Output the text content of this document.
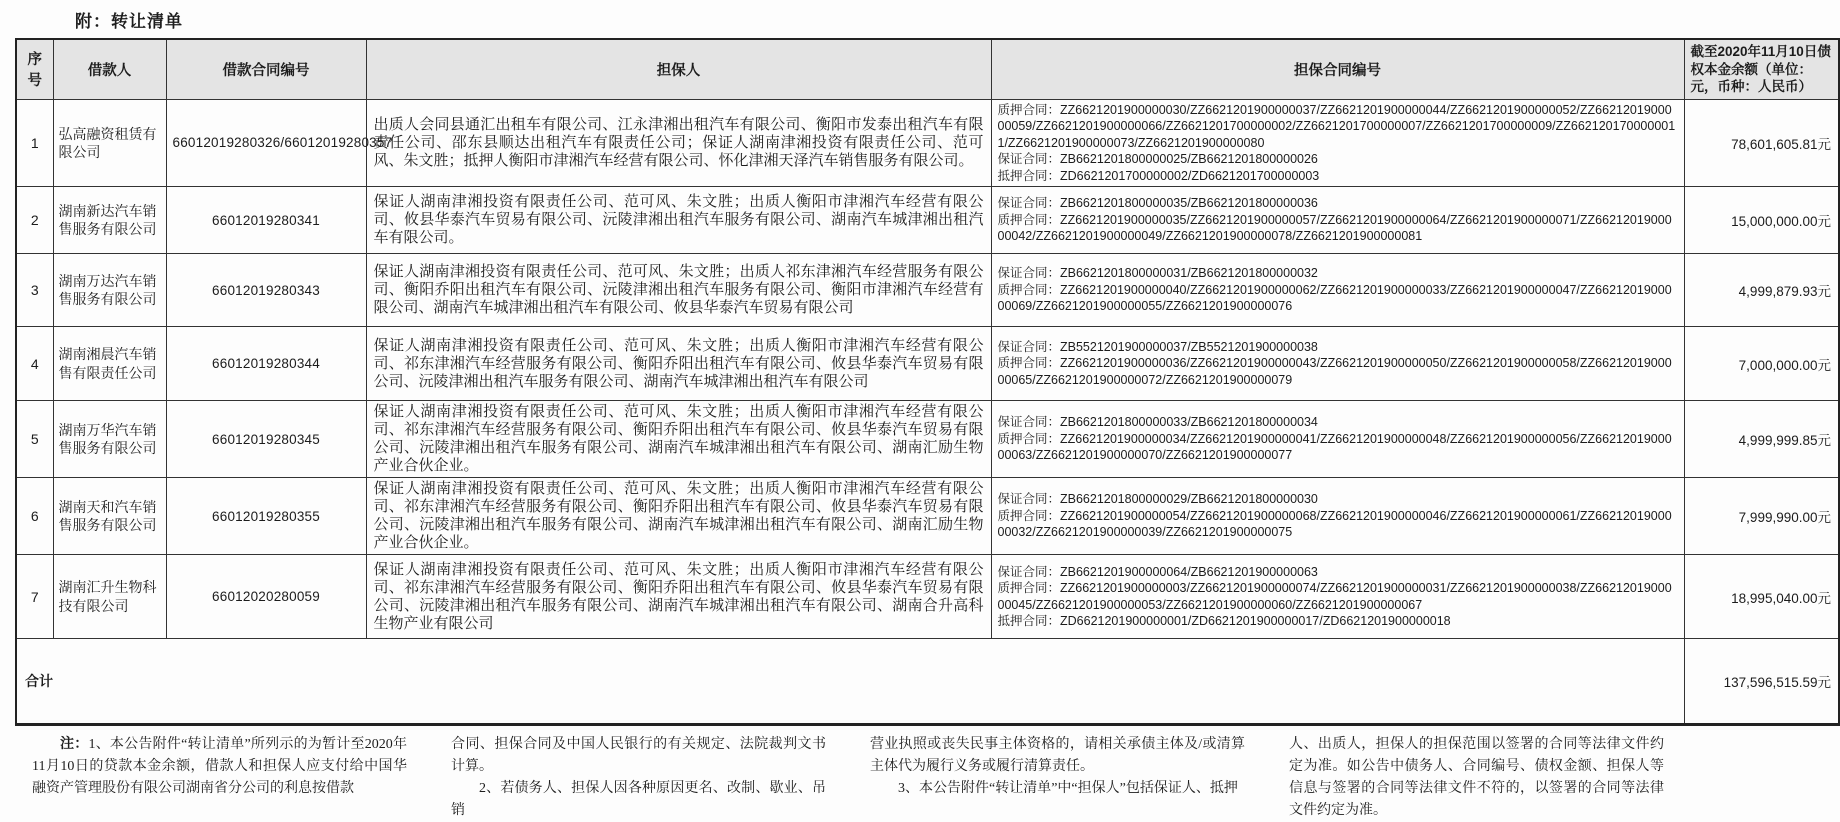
附：转让清单
序号	借款人	借款合同编号	担保人	担保合同编号	截至2020年11月10日债权本金余额（单位：元，币种：人民币）
1	弘高融资租赁有限公司	66012019280326/66012019280357	出质人会同县通汇出租车有限公司、江永津湘出租汽车有限公司、衡阳市发泰出租汽车有限责任公司、邵东县顺达出租汽车有限责任公司；保证人湖南津湘投资有限责任公司、范可风、朱文胜；抵押人衡阳市津湘汽车经营有限公司、怀化津湘天泽汽车销售服务有限公司。	质押合同：ZZ6621201900000030/ZZ6621201900000037/ZZ6621201900000044/ZZ6621201900000052/ZZ6621201900000059/ZZ6621201900000066/ZZ6621201700000002/ZZ6621201700000007/ZZ6621201700000009/ZZ6621201700000011/ZZ6621201900000073/ZZ6621201900000080
保证合同：ZB6621201800000025/ZB6621201800000026
抵押合同：ZD6621201700000002/ZD6621201700000003	78,601,605.81元
2	湖南新达汽车销售服务有限公司	66012019280341	保证人湖南津湘投资有限责任公司、范可风、朱文胜；出质人衡阳市津湘汽车经营有限公司、攸县华泰汽车贸易有限公司、沅陵津湘出租汽车服务有限公司、湖南汽车城津湘出租汽车有限公司。	保证合同：ZB6621201800000035/ZB6621201800000036
质押合同：ZZ6621201900000035/ZZ6621201900000057/ZZ6621201900000064/ZZ6621201900000071/ZZ6621201900000042/ZZ6621201900000049/ZZ6621201900000078/ZZ6621201900000081	15,000,000.00元
3	湖南万达汽车销售服务有限公司	66012019280343	保证人湖南津湘投资有限责任公司、范可风、朱文胜；出质人祁东津湘汽车经营服务有限公司、衡阳乔阳出租汽车有限公司、沅陵津湘出租汽车服务有限公司、衡阳市津湘汽车经营有限公司、湖南汽车城津湘出租汽车有限公司、攸县华泰汽车贸易有限公司	保证合同：ZB6621201800000031/ZB6621201800000032
质押合同：ZZ6621201900000040/ZZ6621201900000062/ZZ6621201900000033/ZZ6621201900000047/ZZ6621201900000069/ZZ6621201900000055/ZZ6621201900000076	4,999,879.93元
4	湖南湘晨汽车销售有限责任公司	66012019280344	保证人湖南津湘投资有限责任公司、范可风、朱文胜；出质人衡阳市津湘汽车经营有限公司、祁东津湘汽车经营服务有限公司、衡阳乔阳出租汽车有限公司、攸县华泰汽车贸易有限公司、沅陵津湘出租汽车服务有限公司、湖南汽车城津湘出租汽车有限公司	保证合同：ZB5521201900000037/ZB5521201900000038
质押合同：ZZ6621201900000036/ZZ6621201900000043/ZZ6621201900000050/ZZ6621201900000058/ZZ6621201900000065/ZZ6621201900000072/ZZ6621201900000079	7,000,000.00元
5	湖南万华汽车销售服务有限公司	66012019280345	保证人湖南津湘投资有限责任公司、范可风、朱文胜；出质人衡阳市津湘汽车经营有限公司、祁东津湘汽车经营服务有限公司、衡阳乔阳出租汽车有限公司、攸县华泰汽车贸易有限公司、沅陵津湘出租汽车服务有限公司、湖南汽车城津湘出租汽车有限公司、湖南汇励生物产业合伙企业。	保证合同：ZB6621201800000033/ZB6621201800000034
质押合同：ZZ6621201900000034/ZZ6621201900000041/ZZ6621201900000048/ZZ6621201900000056/ZZ6621201900000063/ZZ6621201900000070/ZZ6621201900000077	4,999,999.85元
6	湖南天和汽车销售服务有限公司	66012019280355	保证人湖南津湘投资有限责任公司、范可风、朱文胜；出质人衡阳市津湘汽车经营有限公司、祁东津湘汽车经营服务有限公司、衡阳乔阳出租汽车有限公司、攸县华泰汽车贸易有限公司、沅陵津湘出租汽车服务有限公司、湖南汽车城津湘出租汽车有限公司、湖南汇励生物产业合伙企业。	保证合同：ZB6621201800000029/ZB6621201800000030
质押合同：ZZ6621201900000054/ZZ6621201900000068/ZZ6621201900000046/ZZ6621201900000061/ZZ6621201900000032/ZZ6621201900000039/ZZ6621201900000075	7,999,990.00元
7	湖南汇升生物科技有限公司	66012020280059	保证人湖南津湘投资有限责任公司、范可风、朱文胜；出质人衡阳市津湘汽车经营有限公司、祁东津湘汽车经营服务有限公司、衡阳乔阳出租汽车有限公司、攸县华泰汽车贸易有限公司、沅陵津湘出租汽车服务有限公司、湖南汽车城津湘出租汽车有限公司、湖南合升高科生物产业有限公司	保证合同：ZB6621201900000064/ZB6621201900000063
质押合同：ZZ6621201900000003/ZZ6621201900000074/ZZ6621201900000031/ZZ6621201900000038/ZZ6621201900000045/ZZ6621201900000053/ZZ6621201900000060/ZZ6621201900000067
抵押合同：ZD6621201900000001/ZD6621201900000017/ZD6621201900000018	18,995,040.00元
合计					137,596,515.59元
注：1、本公告附件“转让清单”所列示的为暂计至2020年11月10日的贷款本金余额，借款人和担保人应支付给中国华融资产管理股份有限公司湖南省分公司的利息按借款
合同、担保合同及中国人民银行的有关规定、法院裁判文书计算。
2、若债务人、担保人因各种原因更名、改制、歇业、吊销
营业执照或丧失民事主体资格的，请相关承债主体及/或清算主体代为履行义务或履行清算责任。
3、本公告附件“转让清单”中“担保人”包括保证人、抵押
人、出质人，担保人的担保范围以签署的合同等法律文件约定为准。如公告中债务人、合同编号、债权金额、担保人等信息与签署的合同等法律文件不符的，以签署的合同等法律文件约定为准。
